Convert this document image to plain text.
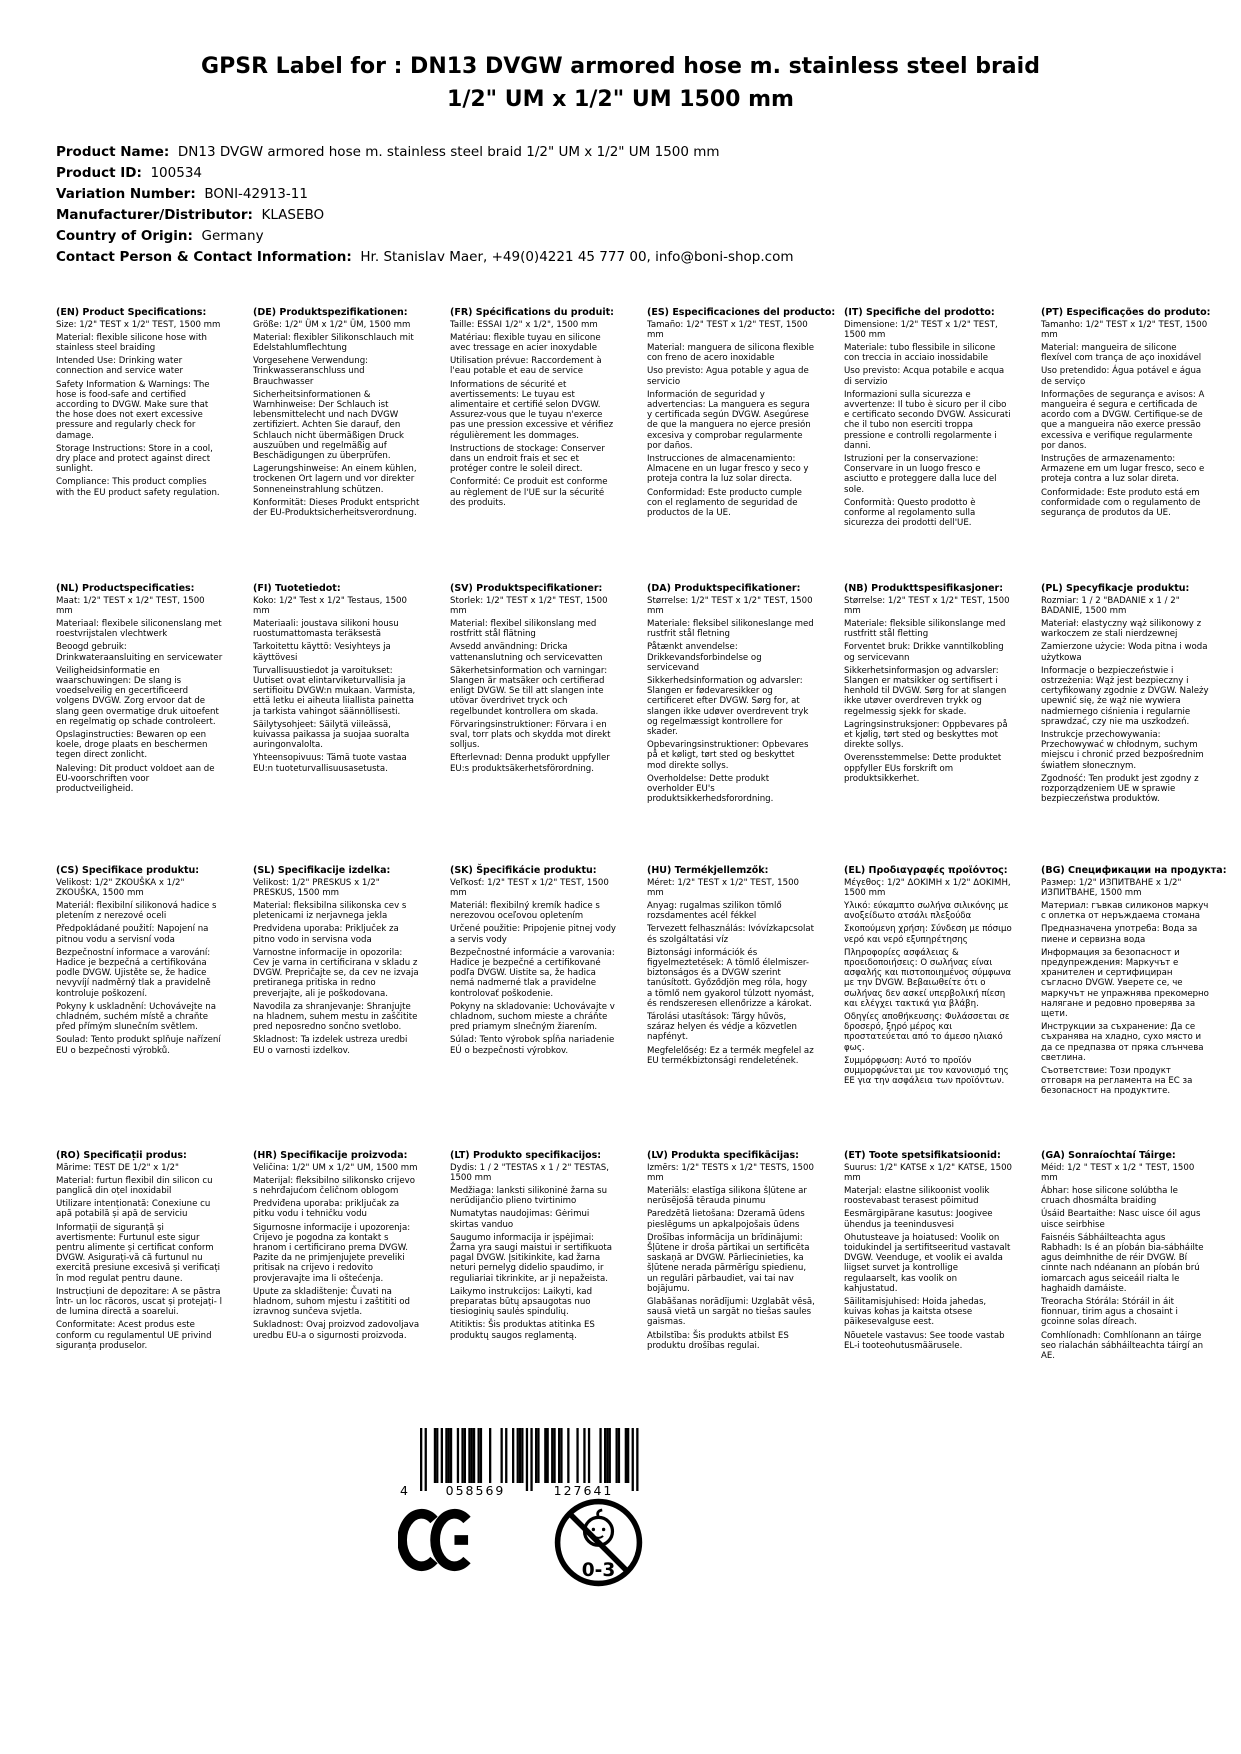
GPSR Label for : DN13 DVGW armored hose m. stainless steel braid
1/2" UM x 1/2" UM 1500 mm
Product Name:  DN13 DVGW armored hose m. stainless steel braid 1/2" UM x 1/2" UM 1500 mm
Product ID:  100534
Variation Number:  BONI-42913-11
Manufacturer/Distributor:  KLASEBO
Country of Origin:  Germany
Contact Person & Contact Information:  Hr. Stanislav Maer, +49(0)4221 45 777 00, info@boni-shop.com
(EN) Product Specifications:

Size: 1/2" TEST x 1/2" TEST, 1500 mm

Material: flexible silicone hose with stainless steel braiding

Intended Use: Drinking water connection and service water

Safety Information & Warnings: The hose is food-safe and certified according to DVGW. Make sure that the hose does not exert excessive pressure and regularly check for damage.

Storage Instructions: Store in a cool, dry place and protect against direct sunlight.

Compliance: This product complies with the EU product safety regulation.

(DE) Produktspezifikationen:

Größe: 1/2" ÜM x 1/2" ÜM, 1500 mm

Material: flexibler Silikonschlauch mit Edelstahlumflechtung

Vorgesehene Verwendung: Trinkwasseranschluss und Brauchwasser

Sicherheitsinformationen & Warnhinweise: Der Schlauch ist lebensmittelecht und nach DVGW zertifiziert. Achten Sie darauf, den Schlauch nicht übermäßigen Druck auszuüben und regelmäßig auf Beschädigungen zu überprüfen.

Lagerungshinweise: An einem kühlen, trockenen Ort lagern und vor direkter Sonneneinstrahlung schützen.

Konformität: Dieses Produkt entspricht der EU-Produktsicherheitsverordnung.

(FR) Spécifications du produit:

Taille: ESSAI 1/2" x 1/2", 1500 mm

Matériau: flexible tuyau en silicone avec tressage en acier inoxydable

Utilisation prévue: Raccordement à l'eau potable et eau de service

Informations de sécurité et avertissements: Le tuyau est alimentaire et certifié selon DVGW. Assurez-vous que le tuyau n'exerce pas une pression excessive et vérifiez régulièrement les dommages.

Instructions de stockage: Conserver dans un endroit frais et sec et protéger contre le soleil direct.

Conformité: Ce produit est conforme au règlement de l'UE sur la sécurité des produits.

(ES) Especificaciones del producto:

Tamaño: 1/2" TEST x 1/2" TEST, 1500 mm

Material: manguera de silicona flexible con freno de acero inoxidable

Uso previsto: Agua potable y agua de servicio

Información de seguridad y advertencias: La manguera es segura y certificada según DVGW. Asegúrese de que la manguera no ejerce presión excesiva y comprobar regularmente por daños.

Instrucciones de almacenamiento: Almacene en un lugar fresco y seco y proteja contra la luz solar directa.

Conformidad: Este producto cumple con el reglamento de seguridad de productos de la UE.

(IT) Specifiche del prodotto:

Dimensione: 1/2" TEST x 1/2" TEST, 1500 mm

Materiale: tubo flessibile in silicone con treccia in acciaio inossidabile

Uso previsto: Acqua potabile e acqua di servizio

Informazioni sulla sicurezza e avvertenze: Il tubo è sicuro per il cibo e certificato secondo DVGW. Assicurati che il tubo non eserciti troppa pressione e controlli regolarmente i danni.

Istruzioni per la conservazione: Conservare in un luogo fresco e asciutto e proteggere dalla luce del sole.

Conformità: Questo prodotto è conforme al regolamento sulla sicurezza dei prodotti dell'UE.

(PT) Especificações do produto:

Tamanho: 1/2" TEST x 1/2" TEST, 1500 mm

Material: mangueira de silicone flexível com trança de aço inoxidável

Uso pretendido: Água potável e água de serviço

Informações de segurança e avisos: A mangueira é segura e certificada de acordo com a DVGW. Certifique-se de que a mangueira não exerce pressão excessiva e verifique regularmente por danos.

Instruções de armazenamento: Armazene em um lugar fresco, seco e proteja contra a luz solar direta.

Conformidade: Este produto está em conformidade com o regulamento de segurança de produtos da UE.

(NL) Productspecificaties:

Maat: 1/2" TEST x 1/2" TEST, 1500 mm

Materiaal: flexibele siliconenslang met roestvrijstalen vlechtwerk

Beoogd gebruik: Drinkwateraansluiting en servicewater

Veiligheidsinformatie en waarschuwingen: De slang is voedselveilig en gecertificeerd volgens DVGW. Zorg ervoor dat de slang geen overmatige druk uitoefent en regelmatig op schade controleert.

Opslaginstructies: Bewaren op een koele, droge plaats en beschermen tegen direct zonlicht.

Naleving: Dit product voldoet aan de EU-voorschriften voor productveiligheid.

(FI) Tuotetiedot:

Koko: 1/2" Test x 1/2" Testaus, 1500 mm

Materiaali: joustava silikoni housu ruostumattomasta teräksestä

Tarkoitettu käyttö: Vesiyhteys ja käyttövesi

Turvallisuustiedot ja varoitukset: Uutiset ovat elintarviketurvallisia ja sertifioitu DVGW:n mukaan. Varmista, että letku ei aiheuta liiallista painetta ja tarkista vahingot säännöllisesti.

Säilytysohjeet: Säilytä viileässä, kuivassa paikassa ja suojaa suoralta auringonvalolta.

Yhteensopivuus: Tämä tuote vastaa EU:n tuoteturvallisuusasetusta.

(SV) Produktspecifikationer:

Storlek: 1/2" TEST x 1/2" TEST, 1500 mm

Material: flexibel silikonslang med rostfritt stål flätning

Avsedd användning: Dricka vattenanslutning och servicevatten

Säkerhetsinformation och varningar: Slangen är matsäker och certifierad enligt DVGW. Se till att slangen inte utövar överdrivet tryck och regelbundet kontrollera om skada.

Förvaringsinstruktioner: Förvara i en sval, torr plats och skydda mot direkt solljus.

Efterlevnad: Denna produkt uppfyller EU:s produktsäkerhetsförordning.

(DA) Produktspecifikationer:

Størrelse: 1/2" TEST x 1/2" TEST, 1500 mm

Materiale: fleksibel silikoneslange med rustfrit stål fletning

Påtænkt anvendelse: Drikkevandsforbindelse og servicevand

Sikkerhedsinformation og advarsler: Slangen er fødevaresikker og certificeret efter DVGW. Sørg for, at slangen ikke udøver overdrevent tryk og regelmæssigt kontrollere for skader.

Opbevaringsinstruktioner: Opbevares på et køligt, tørt sted og beskyttet mod direkte sollys.

Overholdelse: Dette produkt overholder EU's produktsikkerhedsforordning.

(NB) Produkttspesifikasjoner:

Størrelse: 1/2" TEST x 1/2" TEST, 1500 mm

Materiale: fleksible silikonslange med rustfritt stål fletting

Forventet bruk: Drikke vanntilkobling og servicevann

Sikkerhetsinformasjon og advarsler: Slangen er matsikker og sertifisert i henhold til DVGW. Sørg for at slangen ikke utøver overdreven trykk og regelmessig sjekk for skade.

Lagringsinstruksjoner: Oppbevares på et kjølig, tørt sted og beskyttes mot direkte sollys.

Overensstemmelse: Dette produktet oppfyller EUs forskrift om produktsikkerhet.

(PL) Specyfikacje produktu:

Rozmiar: 1 / 2 "BADANIE x 1 / 2" BADANIE, 1500 mm

Materiał: elastyczny wąż silikonowy z warkoczem ze stali nierdzewnej

Zamierzone użycie: Woda pitna i woda użytkowa

Informacje o bezpieczeństwie i ostrzeżenia: Wąż jest bezpieczny i certyfikowany zgodnie z DVGW. Należy upewnić się, że wąż nie wywiera nadmiernego ciśnienia i regularnie sprawdzać, czy nie ma uszkodzeń.

Instrukcje przechowywania: Przechowywać w chłodnym, suchym miejscu i chronić przed bezpośrednim światłem słonecznym.

Zgodność: Ten produkt jest zgodny z rozporządzeniem UE w sprawie bezpieczeństwa produktów.

(CS) Specifikace produktu:

Velikost: 1/2" ZKOUŠKA x 1/2" ZKOUŠKA, 1500 mm

Materiál: flexibilní silikonová hadice s pletením z nerezové oceli

Předpokládané použití: Napojení na pitnou vodu a servisní voda

Bezpečnostní informace a varování: Hadice je bezpečná a certifikována podle DVGW. Ujistěte se, že hadice nevyvíjí nadměrný tlak a pravidelně kontroluje poškození.

Pokyny k uskladnění: Uchovávejte na chladném, suchém místě a chraňte před přímým slunečním světlem.

Soulad: Tento produkt splňuje nařízení EU o bezpečnosti výrobků.

(SL) Specifikacije izdelka:

Velikost: 1/2" PRESKUS x 1/2" PRESKUS, 1500 mm

Material: fleksibilna silikonska cev s pletenicami iz nerjavnega jekla

Predvidena uporaba: Priključek za pitno vodo in servisna voda

Varnostne informacije in opozorila: Cev je varna in certificirana v skladu z DVGW. Prepričajte se, da cev ne izvaja pretiranega pritiska in redno preverjajte, ali je poškodovana.

Navodila za shranjevanje: Shranjujte na hladnem, suhem mestu in zaščitite pred neposredno sončno svetlobo.

Skladnost: Ta izdelek ustreza uredbi EU o varnosti izdelkov.

(SK) Špecifikácie produktu:

Veľkosť: 1/2" TEST x 1/2" TEST, 1500 mm

Materiál: flexibilný kremík hadice s nerezovou oceľovou opletením

Určené použitie: Pripojenie pitnej vody a servis vody

Bezpečnostné informácie a varovania: Hadice je bezpečné a certifikované podľa DVGW. Uistite sa, že hadica nemá nadmerné tlak a pravidelne kontrolovať poškodenie.

Pokyny na skladovanie: Uchovávajte v chladnom, suchom mieste a chráňte pred priamym slnečným žiarením.

Súlad: Tento výrobok spĺňa nariadenie EÚ o bezpečnosti výrobkov.

(HU) Termékjellemzők:

Méret: 1/2" TEST x 1/2" TEST, 1500 mm

Anyag: rugalmas szilikon tömlő rozsdamentes acél fékkel

Tervezett felhasználás: Ivóvízkapcsolat és szolgáltatási víz

Biztonsági információk és figyelmeztetések: A tömlő élelmiszer-biztonságos és a DVGW szerint tanúsított. Győződjön meg róla, hogy a tömlő nem gyakorol túlzott nyomást, és rendszeresen ellenőrizze a károkat.

Tárolási utasítások: Tárgy hűvös, száraz helyen és védje a közvetlen napfényt.

Megfelelőség: Ez a termék megfelel az EU termékbiztonsági rendeletének.

(EL) Προδιαγραφές προϊόντος:

Μέγεθος: 1/2" ΔΟΚΙΜΗ x 1/2" ΔΟΚΙΜΗ, 1500 mm

Υλικό: εύκαμπτο σωλήνα σιλικόνης με ανοξείδωτο ατσάλι πλεξούδα

Σκοπούμενη χρήση: Σύνδεση με πόσιμο νερό και νερό εξυπηρέτησης

Πληροφορίες ασφάλειας & προειδοποιήσεις: Ο σωλήνας είναι ασφαλής και πιστοποιημένος σύμφωνα με την DVGW. Βεβαιωθείτε ότι ο σωλήνας δεν ασκεί υπερβολική πίεση και ελέγχει τακτικά για βλάβη.

Οδηγίες αποθήκευσης: Φυλάσσεται σε δροσερό, ξηρό μέρος και προστατεύεται από το άμεσο ηλιακό φως.

Συμμόρφωση: Αυτό το προϊόν συμμορφώνεται με τον κανονισμό της ΕΕ για την ασφάλεια των προϊόντων.

(BG) Спецификации на продукта:

Размер: 1/2" ИЗПИТВАНЕ x 1/2" ИЗПИТВАНЕ, 1500 mm

Материал: гъвкав силиконов маркуч с оплетка от неръждаема стомана

Предназначена употреба: Вода за пиене и сервизна вода

Информация за безопасност и предупреждения: Маркучът е хранителен и сертифициран съгласно DVGW. Уверете се, че маркучът не упражнява прекомерно налягане и редовно проверява за щети.

Инструкции за съхранение: Да се съхранява на хладно, сухо място и да се предпазва от пряка слънчева светлина.

Съответствие: Този продукт отговаря на регламента на ЕС за безопасност на продуктите.

(RO) Specificații produs:

Mărime: TEST DE 1/2" x 1/2"

Material: furtun flexibil din silicon cu panglică din oțel inoxidabil

Utilizare intenționată: Conexiune cu apă potabilă și apă de serviciu

Informații de siguranță și avertismente: Furtunul este sigur pentru alimente și certificat conform DVGW. Asigurați-vă că furtunul nu exercită presiune excesivă și verificați în mod regulat pentru daune.

Instrucțiuni de depozitare: A se păstra într- un loc răcoros, uscat și protejați- l de lumina directă a soarelui.

Conformitate: Acest produs este conform cu regulamentul UE privind siguranța produselor.

(HR) Specifikacije proizvoda:

Veličina: 1/2" UM x 1/2" UM, 1500 mm

Materijal: fleksibilno silikonsko crijevo s nehrđajućom čeličnom oblogom

Predviđena uporaba: priključak za pitku vodu i tehničku vodu

Sigurnosne informacije i upozorenja: Crijevo je pogodna za kontakt s hranom i certificirano prema DVGW. Pazite da ne primjenjujete preveliki pritisak na crijevo i redovito provjeravajte ima li oštećenja.

Upute za skladištenje: Čuvati na hladnom, suhom mjestu i zaštititi od izravnog sunčeva svjetla.

Sukladnost: Ovaj proizvod zadovoljava uredbu EU-a o sigurnosti proizvoda.

(LT) Produkto specifikacijos:

Dydis: 1 / 2 "TESTAS x 1 / 2" TESTAS, 1500 mm

Medžiaga: lanksti silikoninė žarna su nerūdijančio plieno tvirtinimo

Numatytas naudojimas: Gėrimui skirtas vanduo

Saugumo informacija ir įspėjimai: Žarna yra saugi maistui ir sertifikuota pagal DVGW. Įsitikinkite, kad žarna neturi pernelyg didelio spaudimo, ir reguliariai tikrinkite, ar ji nepažeista.

Laikymo instrukcijos: Laikyti, kad preparatas būtų apsaugotas nuo tiesioginių saulės spindulių.

Atitiktis: Šis produktas atitinka ES produktų saugos reglamentą.

(LV) Produkta specifikācijas:

Izmērs: 1/2" TESTS x 1/2" TESTS, 1500 mm

Materiāls: elastīga silikona šļūtene ar nerūsējošā tērauda pinumu

Paredzētā lietošana: Dzeramā ūdens pieslēgums un apkalpojošais ūdens

Drošības informācija un brīdinājumi: Šļūtene ir droša pārtikai un sertificēta saskaņā ar DVGW. Pārliecinieties, ka šļūtene nerada pārmērīgu spiedienu, un regulāri pārbaudiet, vai tai nav bojājumu.

Glabāšanas norādījumi: Uzglabāt vēsā, sausā vietā un sargāt no tiešas saules gaismas.

Atbilstība: Šis produkts atbilst ES produktu drošības regulai.

(ET) Toote spetsifikatsioonid:

Suurus: 1/2" KATSE x 1/2" KATSE, 1500 mm

Materjal: elastne silikoonist voolik roostevabast terasest põimitud

Eesmärgipärane kasutus: Joogivee ühendus ja teenindusvesi

Ohutusteave ja hoiatused: Voolik on toidukindel ja sertifitseeritud vastavalt DVGW. Veenduge, et voolik ei avalda liigset survet ja kontrollige regulaarselt, kas voolik on kahjustatud.

Säilitamisjuhised: Hoida jahedas, kuivas kohas ja kaitsta otsese päikesevalguse eest.

Nõuetele vastavus: See toode vastab EL-i tooteohutusmäärusele.

(GA) Sonraíochtaí Táirge:

Méid: 1/2 " TEST x 1/2 " TEST, 1500 mm

Ábhar: hose silicone solúbtha le cruach dhosmálta braiding

Úsáid Beartaithe: Nasc uisce óil agus uisce seirbhise

Faisnéis Sábháilteachta agus Rabhadh: Is é an píobán bia-sábháilte agus deimhnithe de réir DVGW. Bí cinnte nach ndéanann an píobán brú iomarcach agus seiceáil rialta le haghaidh damáiste.

Treoracha Stórála: Stóráil in áit fionnuar, tirim agus a chosaint i gcoinne solas díreach.

Comhlíonadh: Comhlíonann an táirge seo rialachán sábháilteachta táirgí an AE.

4	058569	127641
0-3
